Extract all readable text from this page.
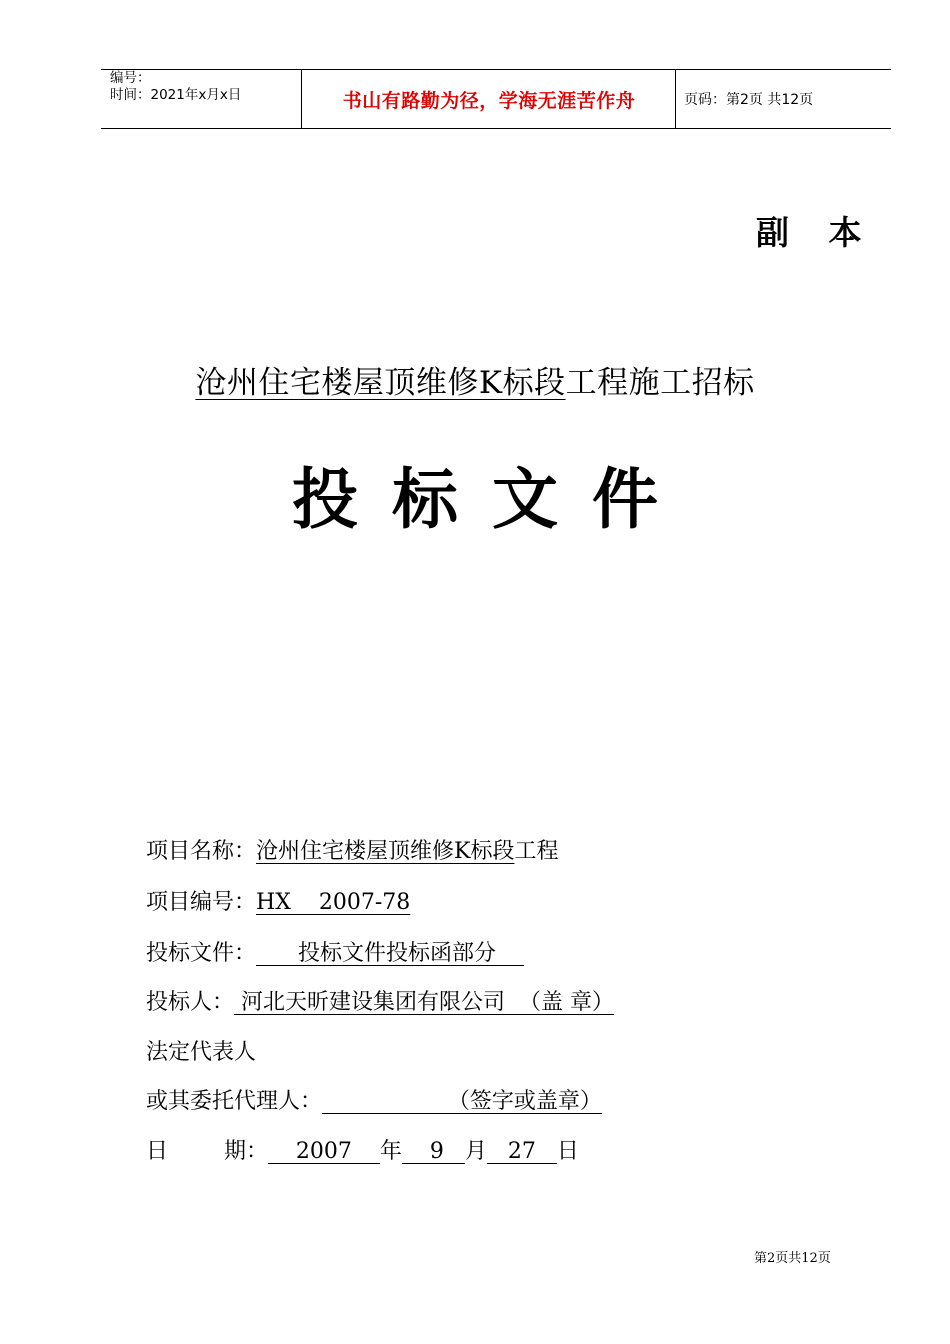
编号：
时间：2021年x月x日	书山有路勤为径，学海无涯苦作舟	页码：第2页 共12页
副 本
沧州住宅楼屋顶维修K标段工程施工招标
投标文件
项目名称：沧州住宅楼屋顶维修K标段工程
项目编号：HX    2007-78
投标文件：      投标文件投标函部分
投标人： 河北天昕建设集团有限公司  （盖 章）
法定代表人
或其委托代理人：                  （签字或盖章）
日        期：    2007    年    9   月   27   日
第2页共12页
